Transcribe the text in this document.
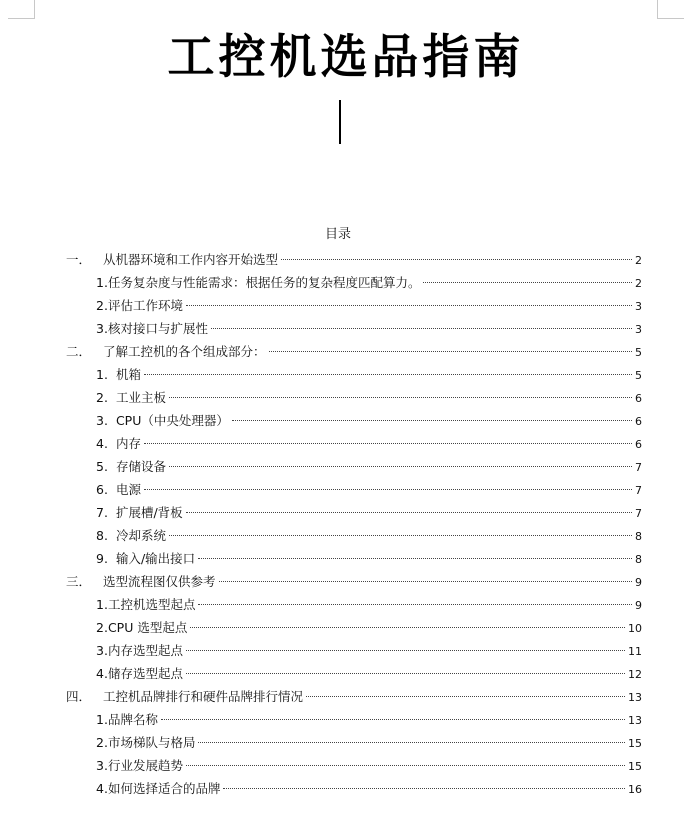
工控机选品指南
目录
一． 从机器环境和工作内容开始选型	2
1. 任务复杂度与性能需求：根据任务的复杂程度匹配算力。	2
2. 评估工作环境	3
3. 核对接口与扩展性	3
二． 了解工控机的各个组成部分：	5
1. 机箱	5
2. 工业主板	6
3. CPU（中央处理器）	6
4. 内存	6
5. 存储设备	7
6. 电源	7
7. 扩展槽/背板	7
8. 冷却系统	8
9. 输入/输出接口	8
三． 选型流程图仅供参考	9
1. 工控机选型起点	9
2. CPU 选型起点	10
3. 内存选型起点	11
4. 储存选型起点	12
四． 工控机品牌排行和硬件品牌排行情况	13
1. 品牌名称	13
2. 市场梯队与格局	15
3. 行业发展趋势	15
4. 如何选择适合的品牌	16
